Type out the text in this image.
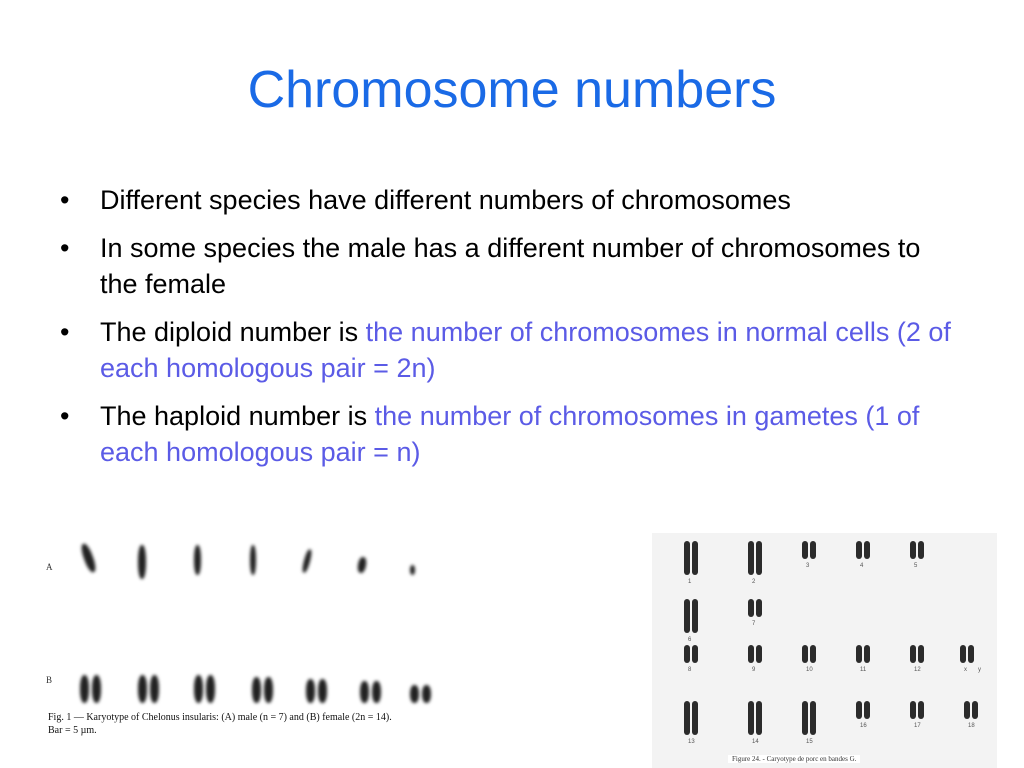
Chromosome numbers
• Different species have different numbers of chromosomes
• In some species the male has a different number of chromosomes to the female
• The diploid number is the number of chromosomes in normal cells (2 of each homologous pair = 2n)
• The haploid number is the number of chromosomes in gametes (1 of each homologous pair = n)
A
B
Fig. 1 — Karyotype of Chelonus insularis: (A) male (n = 7) and (B) female (2n = 14).
Bar = 5 µm.
1	2
3	4	5
6
7
8	9	10	11	12	x y
13	14	15
16	17	18
Figure 24. - Caryotype de porc en bandes G.
